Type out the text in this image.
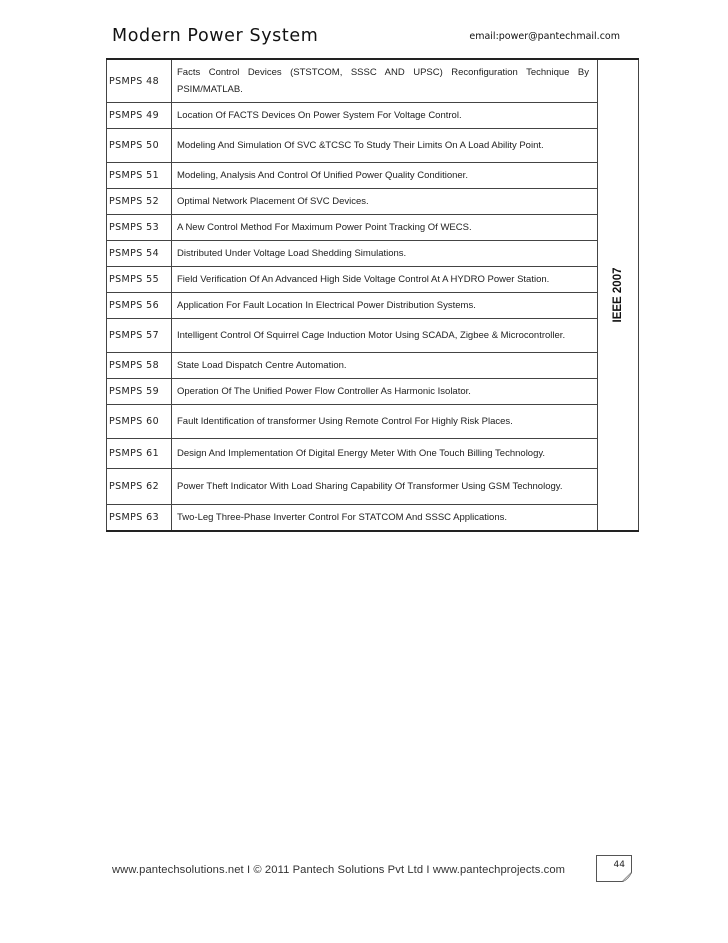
Modern Power System	email:power@pantechmail.com
PSMPS 48	Facts Control Devices (STSTCOM, SSSC AND UPSC) Reconfiguration Technique By PSIM/MATLAB.	IEEE 2007

PSMPS 49	Location Of FACTS Devices On Power System For Voltage Control.	
PSMPS 50	Modeling And Simulation Of SVC &TCSC To Study Their Limits On A Load Ability Point.	
PSMPS 51	Modeling, Analysis And Control Of Unified Power Quality Conditioner.	
PSMPS 52	Optimal Network Placement Of SVC Devices.	
PSMPS 53	A New Control Method For Maximum Power Point Tracking Of WECS.	
PSMPS 54	Distributed Under Voltage Load Shedding Simulations.	
PSMPS 55	Field Verification Of An Advanced High Side Voltage Control At A HYDRO Power Station.	
PSMPS 56	Application For Fault Location In Electrical Power Distribution Systems.	
PSMPS 57	Intelligent Control Of Squirrel Cage Induction Motor Using SCADA, Zigbee & Microcontroller.	
PSMPS 58	State Load Dispatch Centre Automation.	
PSMPS 59	Operation Of The Unified Power Flow Controller As Harmonic Isolator.	
PSMPS 60	Fault Identification of transformer Using Remote Control For Highly Risk Places.	
PSMPS 61	Design And Implementation Of Digital Energy Meter With One Touch Billing Technology.	
PSMPS 62	Power Theft Indicator With Load Sharing Capability Of Transformer Using GSM Technology.	
PSMPS 63	Two-Leg Three-Phase Inverter Control For STATCOM And SSSC Applications.	
www.pantechsolutions.net I © 2011 Pantech Solutions Pvt Ltd I www.pantechprojects.com	44
